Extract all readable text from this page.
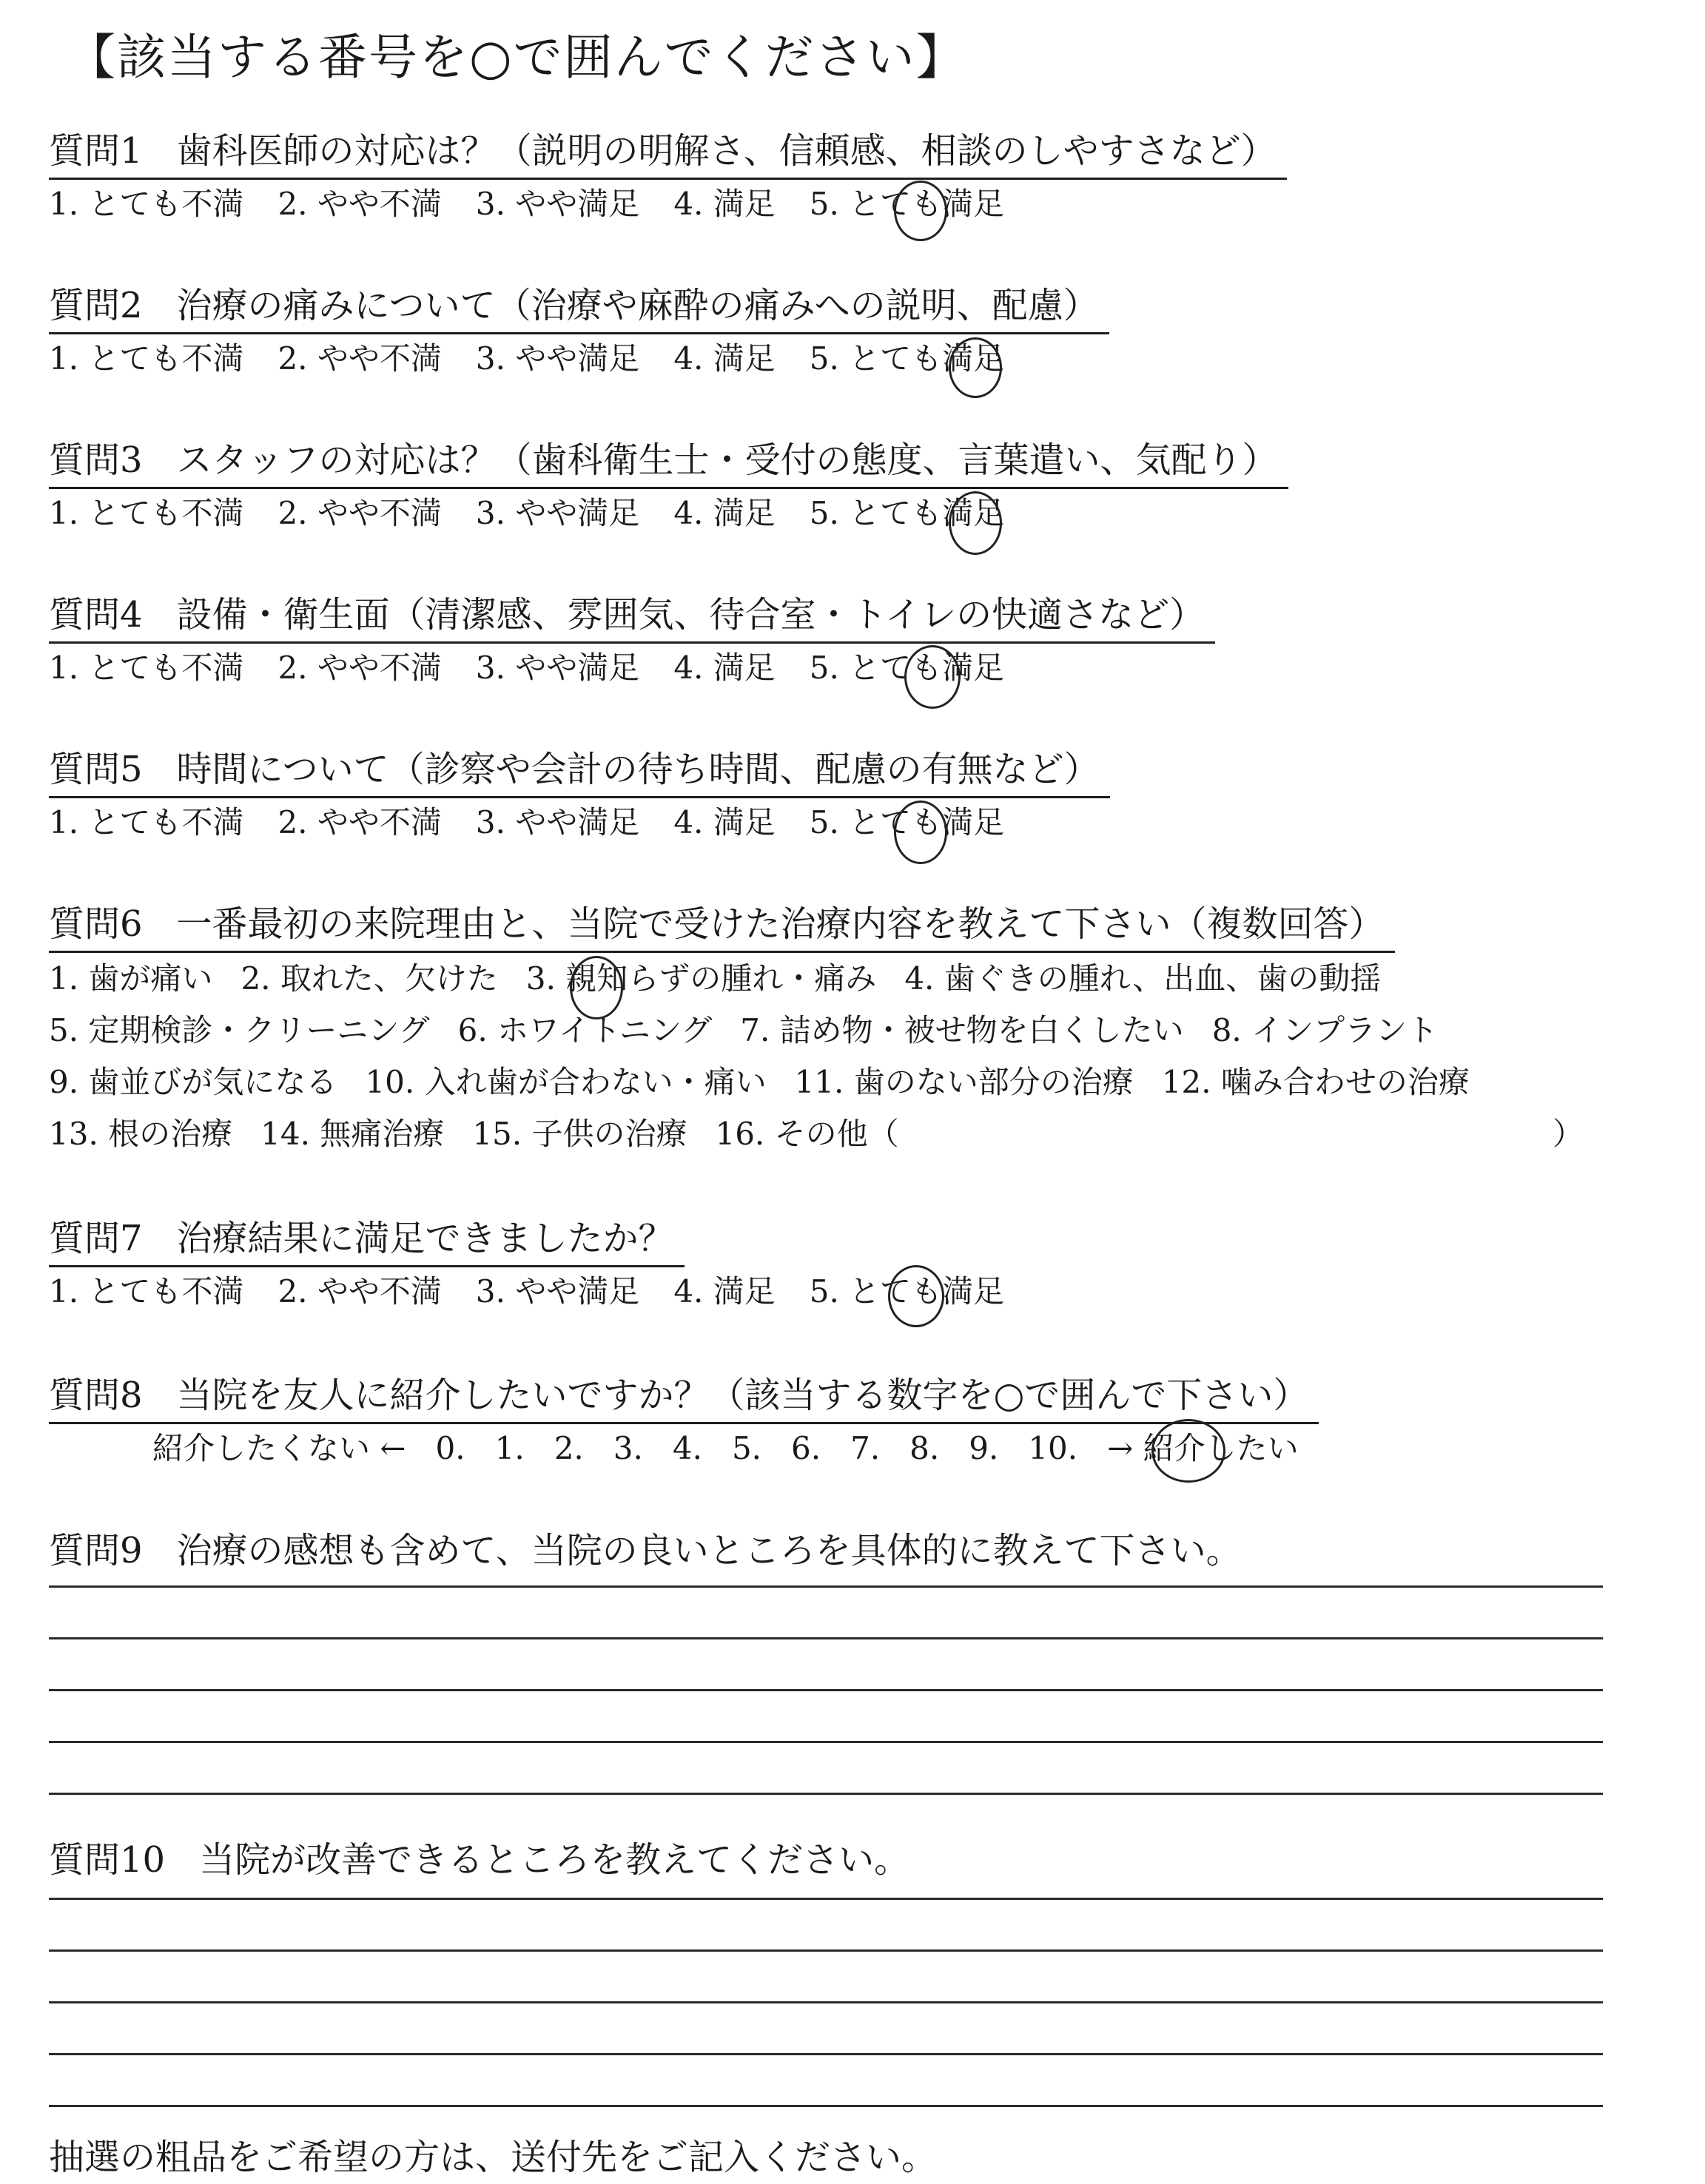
【該当する番号を○で囲んでください】
質問1 歯科医師の対応は？（説明の明解さ、信頼感、相談のしやすさなど）
1. とても不満 2. やや不満 3. やや満足 4. 満足 5. とても満足
質問2 治療の痛みについて（治療や麻酔の痛みへの説明、配慮）
1. とても不満 2. やや不満 3. やや満足 4. 満足 5. とても満足
質問3 スタッフの対応は？（歯科衛生士・受付の態度、言葉遣い、気配り）
1. とても不満 2. やや不満 3. やや満足 4. 満足 5. とても満足
質問4 設備・衛生面（清潔感、雰囲気、待合室・トイレの快適さなど）
1. とても不満 2. やや不満 3. やや満足 4. 満足 5. とても満足
質問5 時間について（診察や会計の待ち時間、配慮の有無など）
1. とても不満 2. やや不満 3. やや満足 4. 満足 5. とても満足
質問6 一番最初の来院理由と、当院で受けた治療内容を教えて下さい（複数回答）
1. 歯が痛い 2. 取れた、欠けた 3. 親知らずの腫れ・痛み 4. 歯ぐきの腫れ、出血、歯の動揺
5. 定期検診・クリーニング 6. ホワイトニング 7. 詰め物・被せ物を白くしたい 8. インプラント
9. 歯並びが気になる 10. 入れ歯が合わない・痛い 11. 歯のない部分の治療 12. 噛み合わせの治療
13. 根の治療 14. 無痛治療 15. 子供の治療 16. その他（	）
質問7 治療結果に満足できましたか？
1. とても不満 2. やや不満 3. やや満足 4. 満足 5. とても満足
質問8 当院を友人に紹介したいですか？（該当する数字を○で囲んで下さい）
紹介したくない ← 0. 1. 2. 3. 4. 5. 6. 7. 8. 9. 10. → 紹介したい
質問9 治療の感想も含めて、当院の良いところを具体的に教えて下さい。
質問10 当院が改善できるところを教えてください。
抽選の粗品をご希望の方は、送付先をご記入ください。
